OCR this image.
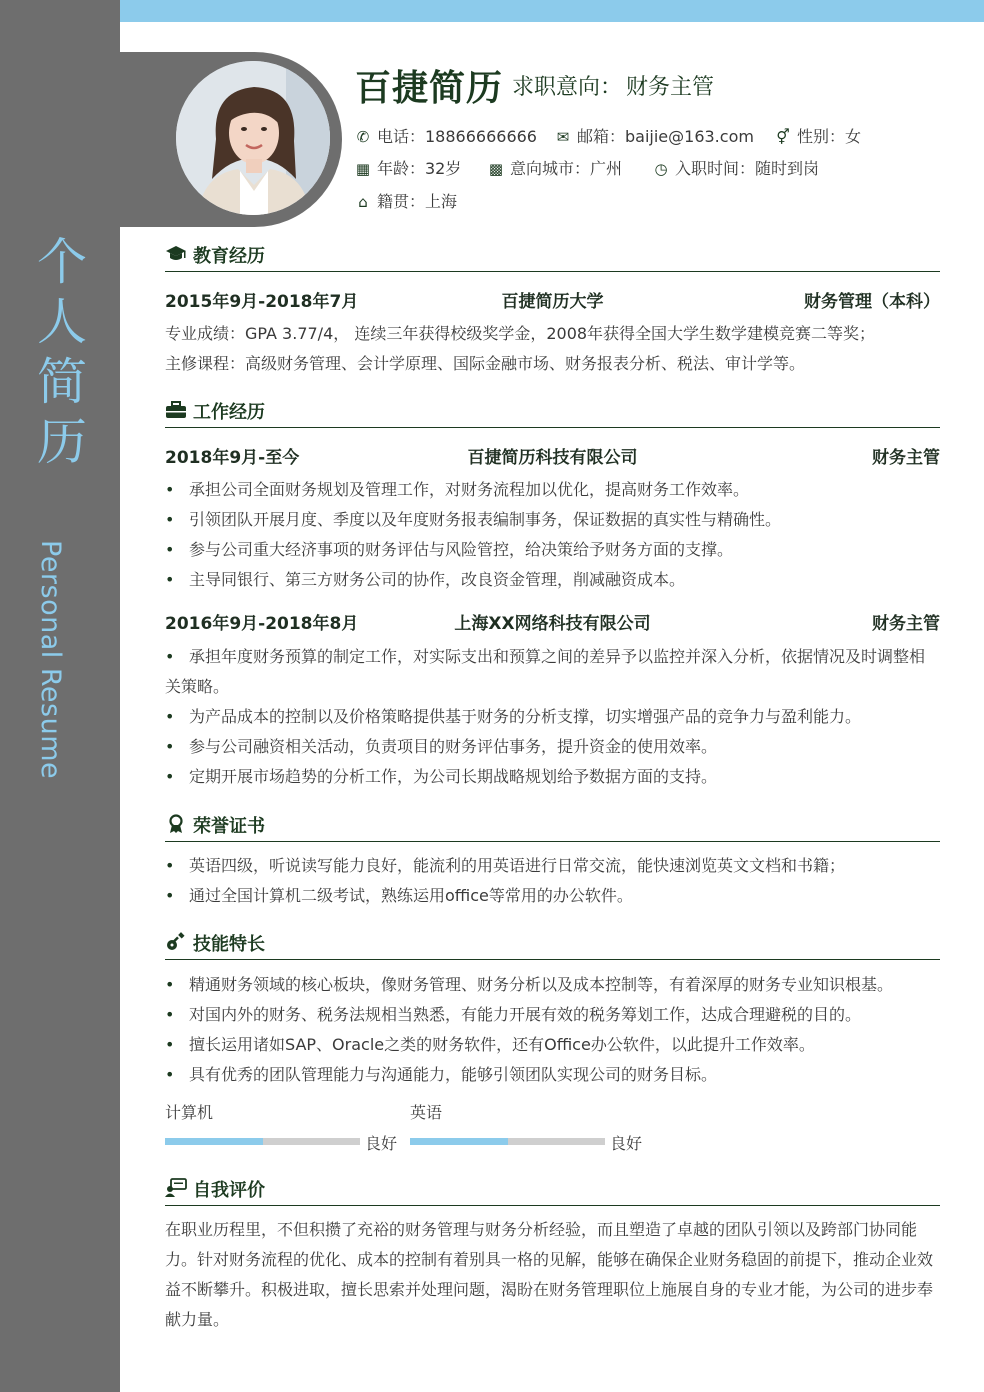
个
人
简
历
Personal Resume
百捷简历 求职意向： 财务主管
✆ 电话：18866666666 ✉ 邮箱：baijie@163.com ⚥ 性别：女
▦ 年龄：32岁 ▩ 意向城市：广州 ◷ 入职时间：随时到岗
⌂ 籍贯：上海
教育经历
2015年9月-2018年7月	百捷简历大学	财务管理（本科）
专业成绩：GPA 3.77/4， 连续三年获得校级奖学金，2008年获得全国大学生数学建模竞赛二等奖；
主修课程：高级财务管理、会计学原理、国际金融市场、财务报表分析、税法、审计学等。
工作经历
2018年9月-至今	百捷简历科技有限公司	财务主管
• 承担公司全面财务规划及管理工作，对财务流程加以优化，提高财务工作效率。
• 引领团队开展月度、季度以及年度财务报表编制事务，保证数据的真实性与精确性。
• 参与公司重大经济事项的财务评估与风险管控，给决策给予财务方面的支撑。
• 主导同银行、第三方财务公司的协作，改良资金管理，削减融资成本。
2016年9月-2018年8月	上海XX网络科技有限公司	财务主管
• 承担年度财务预算的制定工作，对实际支出和预算之间的差异予以监控并深入分析，依据情况及时调整相关策略。
• 为产品成本的控制以及价格策略提供基于财务的分析支撑，切实增强产品的竞争力与盈利能力。
• 参与公司融资相关活动，负责项目的财务评估事务，提升资金的使用效率。
• 定期开展市场趋势的分析工作，为公司长期战略规划给予数据方面的支持。
荣誉证书
• 英语四级，听说读写能力良好，能流利的用英语进行日常交流，能快速浏览英文文档和书籍；
• 通过全国计算机二级考试，熟练运用office等常用的办公软件。
技能特长
• 精通财务领域的核心板块，像财务管理、财务分析以及成本控制等，有着深厚的财务专业知识根基。
• 对国内外的财务、税务法规相当熟悉，有能力开展有效的税务筹划工作，达成合理避税的目的。
• 擅长运用诸如SAP、Oracle之类的财务软件，还有Office办公软件，以此提升工作效率。
• 具有优秀的团队管理能力与沟通能力，能够引领团队实现公司的财务目标。
计算机
良好
英语
良好
自我评价
在职业历程里，不但积攒了充裕的财务管理与财务分析经验，而且塑造了卓越的团队引领以及跨部门协同能力。针对财务流程的优化、成本的控制有着别具一格的见解，能够在确保企业财务稳固的前提下，推动企业效益不断攀升。积极进取，擅长思索并处理问题，渴盼在财务管理职位上施展自身的专业才能，为公司的进步奉献力量。
